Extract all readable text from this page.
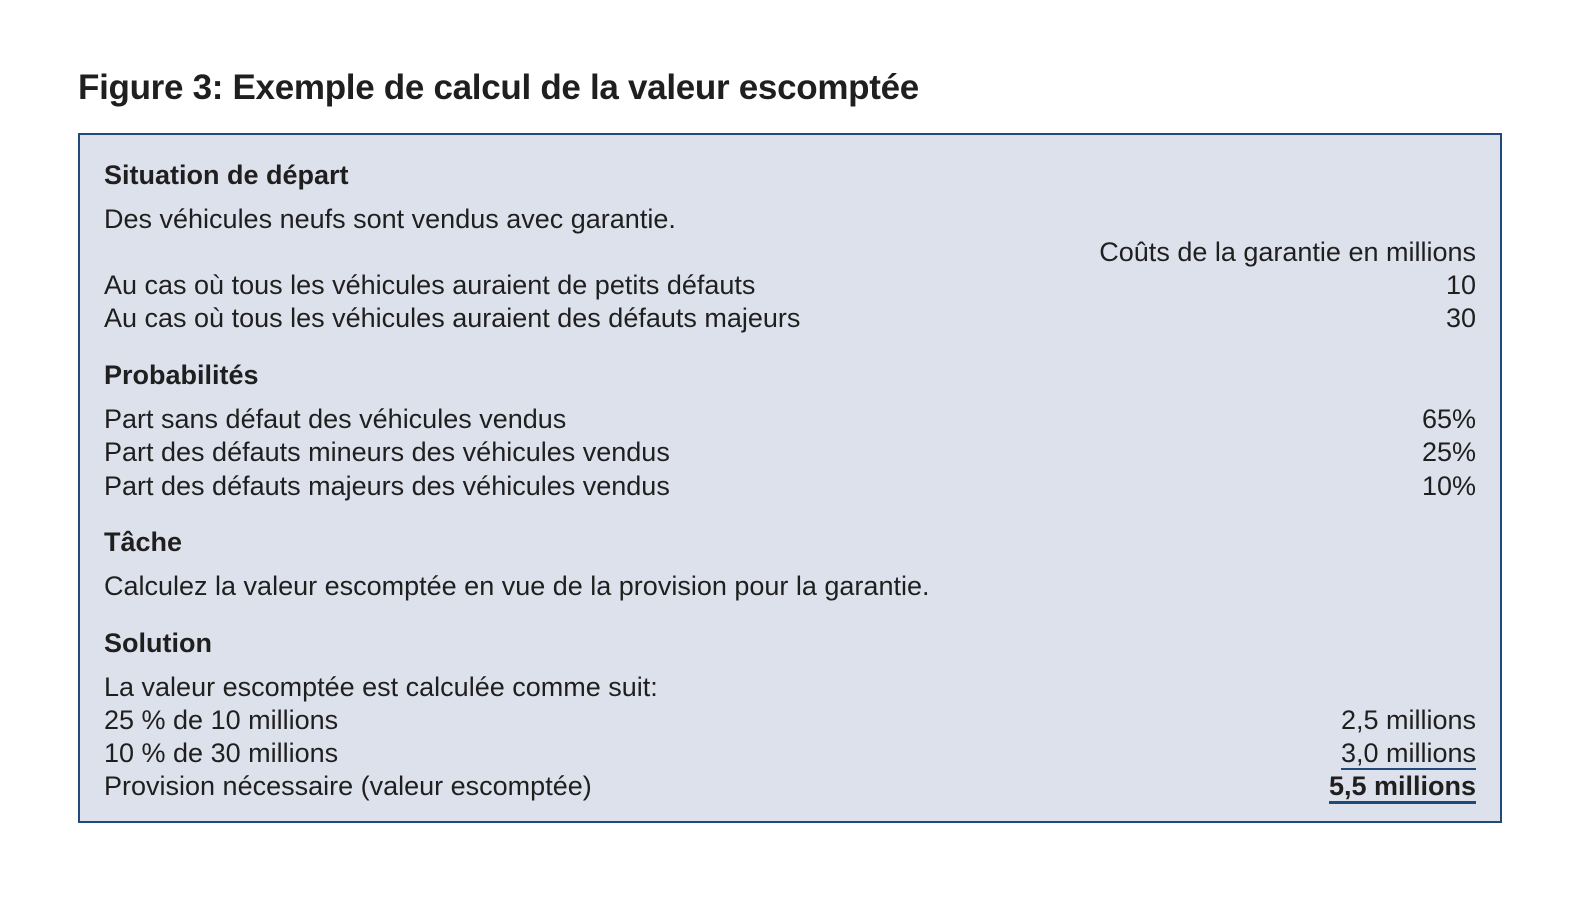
Figure 3: Exemple de calcul de la valeur escomptée
Situation de départ
Des véhicules neufs sont vendus avec garantie.
Coûts de la garantie en millions
Au cas où tous les véhicules auraient de petits défauts	10
Au cas où tous les véhicules auraient des défauts majeurs	30
Probabilités
Part sans défaut des véhicules vendus	65%
Part des défauts mineurs des véhicules vendus	25%
Part des défauts majeurs des véhicules vendus	10%
Tâche
Calculez la valeur escomptée en vue de la provision pour la garantie.
Solution
La valeur escomptée est calculée comme suit:
25 % de 10 millions	2,5 millions
10 % de 30 millions	3,0 millions
Provision nécessaire (valeur escomptée)	5,5 millions
